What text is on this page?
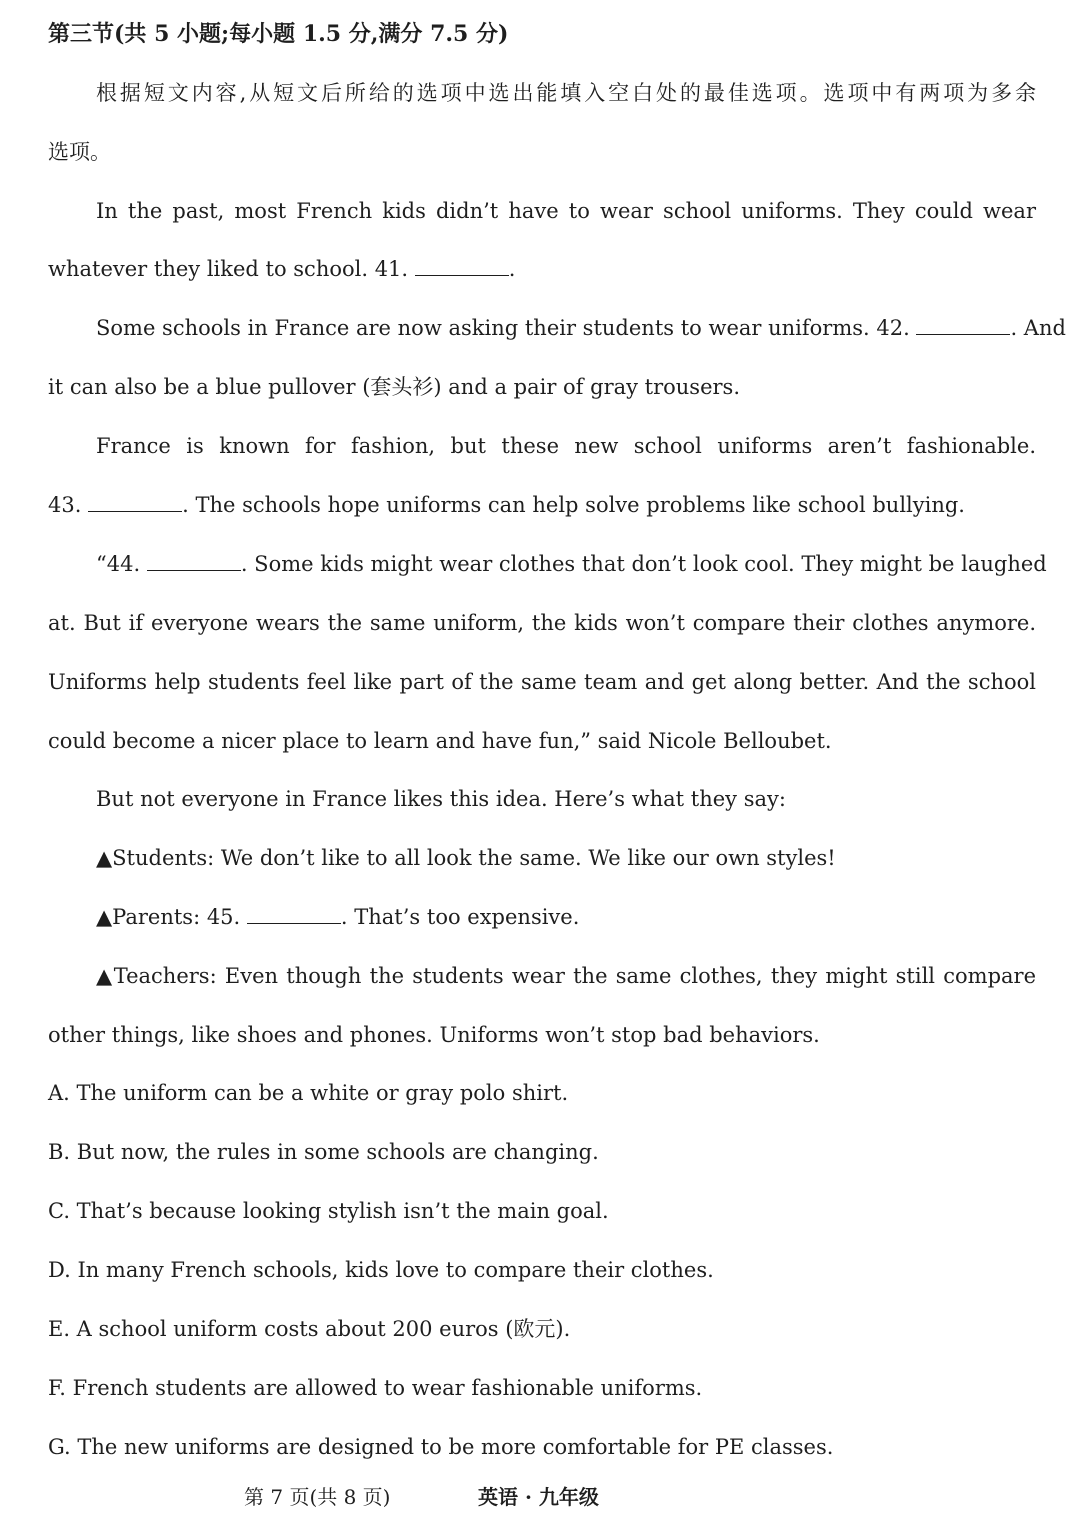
第三节(共 5 小题;每小题 1.5 分,满分 7.5 分)
根据短文内容,从短文后所给的选项中选出能填入空白处的最佳选项。选项中有两项为多余
选项。
In the past, most French kids didn’t have to wear school uniforms. They could wear
whatever they liked to school. 41.	.
Some schools in France are now asking their students to wear uniforms. 42.	. And
it can also be a blue pullover (套头衫) and a pair of gray trousers.
France is known for fashion, but these new school uniforms aren’t fashionable.
43.	. The schools hope uniforms can help solve problems like school bullying.
“44.	. Some kids might wear clothes that don’t look cool. They might be laughed
at. But if everyone wears the same uniform, the kids won’t compare their clothes anymore.
Uniforms help students feel like part of the same team and get along better. And the school
could become a nicer place to learn and have fun,” said Nicole Belloubet.
But not everyone in France likes this idea. Here’s what they say:
▲Students: We don’t like to all look the same. We like our own styles!
▲Parents: 45.	. That’s too expensive.
▲Teachers: Even though the students wear the same clothes, they might still compare
other things, like shoes and phones. Uniforms won’t stop bad behaviors.
A. The uniform can be a white or gray polo shirt.
B. But now, the rules in some schools are changing.
C. That’s because looking stylish isn’t the main goal.
D. In many French schools, kids love to compare their clothes.
E. A school uniform costs about 200 euros (欧元).
F. French students are allowed to wear fashionable uniforms.
G. The new uniforms are designed to be more comfortable for PE classes.
第 7 页(共 8 页)	英语 · 九年级
